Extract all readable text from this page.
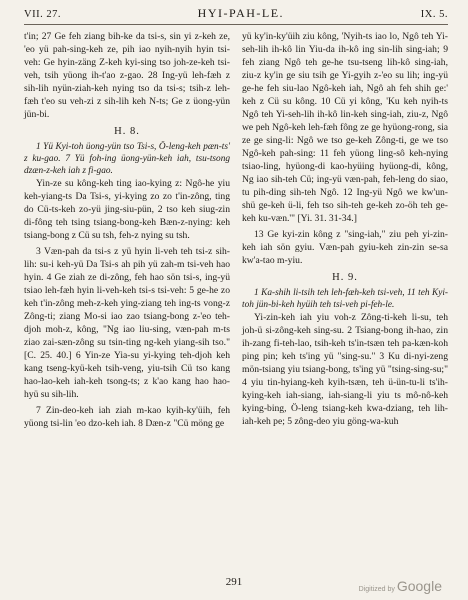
VII. 27.	HYI-PAH-LE.	IX. 5.

t'in; 27 Ge feh ziang bih-ke da tsi-s, sin yi z-keh ze, 'eo yü pah-sing-keh ze, pih iao nyih-nyih hyin tsi-veh: Ge hyin-zäng Z-keh kyi-sing tso joh-ze-keh tsi-veh, tsih yüong ih-t'ao z-gao. 28 Ing-yü leh-fæh z sih-lih nyün-ziah-keh nying tso da tsi-s; tsih-z leh-fæh t'eo su veh-zi z sih-lih keh N-ts; Ge z üong-yün jün-bi.

H. 8.

1 Yü Kyi-toh üong-yün tso Tsi-s, Ö-leng-keh pæn-ts' z ku-gao. 7 Yü foh-ing üong-yün-keh iah, tsu-tsong dzæn-z-keh iah z fi-gao.

Yin-ze su kông-keh ting iao-kying z: Ngô-he yiu keh-yiang-ts Da Tsi-s, yi-kying zo zo t'in-zông, ting do Cü-ts-keh zo-yü jing-siu-pün, 2 tso keh siug-zin di-fông teh tsing tsiang-bong-keh Bæn-z-nying: keh tsiang-bong z Cü su tsh, feh-z nying su tsh.

3 Væn-pah da tsi-s z yü hyin li-veh teh tsi-z sih-lih: su-i keh-yü Da Tsi-s ah pih yü zah-m tsi-veh hao hyin. 4 Ge ziah ze di-zông, feh hao sön tsi-s, ing-yü tsiao leh-fæh hyin li-veh-keh tsi-s tsi-veh: 5 ge-he zo keh t'in-zông meh-z-keh ying-ziang teh ing-ts vong-z Zông-ti; ziang Mo-si iao zao tsiang-bong z-'eo teh-djoh moh-z, kông, "Ng iao liu-sing, væn-pah m-ts ziao zai-sæn-zông su tsin-ting ng-keh yiang-sih tso." [C. 25. 40.] 6 Yin-ze Yia-su yi-kying teh-djoh keh kang tseng-kyü-keh tsih-veng, yiu-tsih Cü tso kang hao-lao-keh iah-keh tsong-ts; z k'ao kang hao hao-hyü su sih-lih.

7 Zin-deo-keh iah ziah m-kao kyih-ky'üih, feh yüong tsi-lin 'eo dzo-keh iah. 8 Dæn-z "Cü möng ge

yü ky'in-ky'üih ziu kông, 'Nyih-ts iao lo, Ngô teh Yi-seh-lih ih-kô lin Yiu-da ih-kô ing sin-lih sing-iah; 9 feh ziang Ngô teh ge-he tsu-tseng lih-kô sing-iah, ziu-z ky'in ge siu tsih ge Yi-gyih z-'eo su lih; ing-yü ge-he feh siu-lao Ngô-keh iah, Ngô ah feh shih ge:' keh z Cü su kông. 10 Cü yi kông, 'Ku keh nyih-ts Ngô teh Yi-seh-lih ih-kô lin-keh sing-iah, ziu-z, Ngô we peh Ngô-keh leh-fæh fông ze ge hyüong-rong, sia ze ge sing-li: Ngô we tso ge-keh Zông-ti, ge we tso Ngô-keh pah-sing: 11 feh yüong ling-sô keh-nying tsiao-ling, hyüong-di kao-hyüing hyüong-di, kông, Ng iao sih-teh Cü; ing-yü væn-pah, feh-leng do siao, tu pih-ding sih-teh Ngô. 12 Ing-yü Ngô we kw'un-shü ge-keh ü-li, feh tso sih-teh ge-keh zo-öh teh ge-keh ku-væn.'" [Yi. 31. 31-34.]

13 Ge kyi-zin kông z "sing-iah," ziu peh yi-zin-keh iah sön gyiu. Væn-pah gyiu-keh zin-zin se-sa kw'a-tao m-yiu.

H. 9.

1 Ka-shih li-tsih teh leh-fæh-keh tsi-veh, 11 teh Kyi-toh jün-bi-keh hyüih teh tsi-veh pi-feh-le.

Yi-zin-keh iah yiu voh-z Zông-ti-keh li-su, teh joh-ü si-zông-keh sing-su. 2 Tsiang-bong ih-hao, zin ih-zang fi-teh-lao, tsih-keh ts'in-tsæn teh pa-kæn-koh ping pin; keh ts'ing yü "sing-su." 3 Ku di-nyi-zeng mön-tsiang yiu tsiang-bong, ts'ing yü "tsing-sing-su;" 4 yiu tin-hyiang-keh kyih-tsæn, teh ü-ün-tu-li ts'ih-kying-keh iah-siang, iah-siang-li yiu ts mô-nô-keh kying-bing, Ö-leng tsiang-keh kwa-dziang, teh lih-iah-keh pe; 5 zông-deo yiu göng-wa-kuh

291
Digitized by Google
